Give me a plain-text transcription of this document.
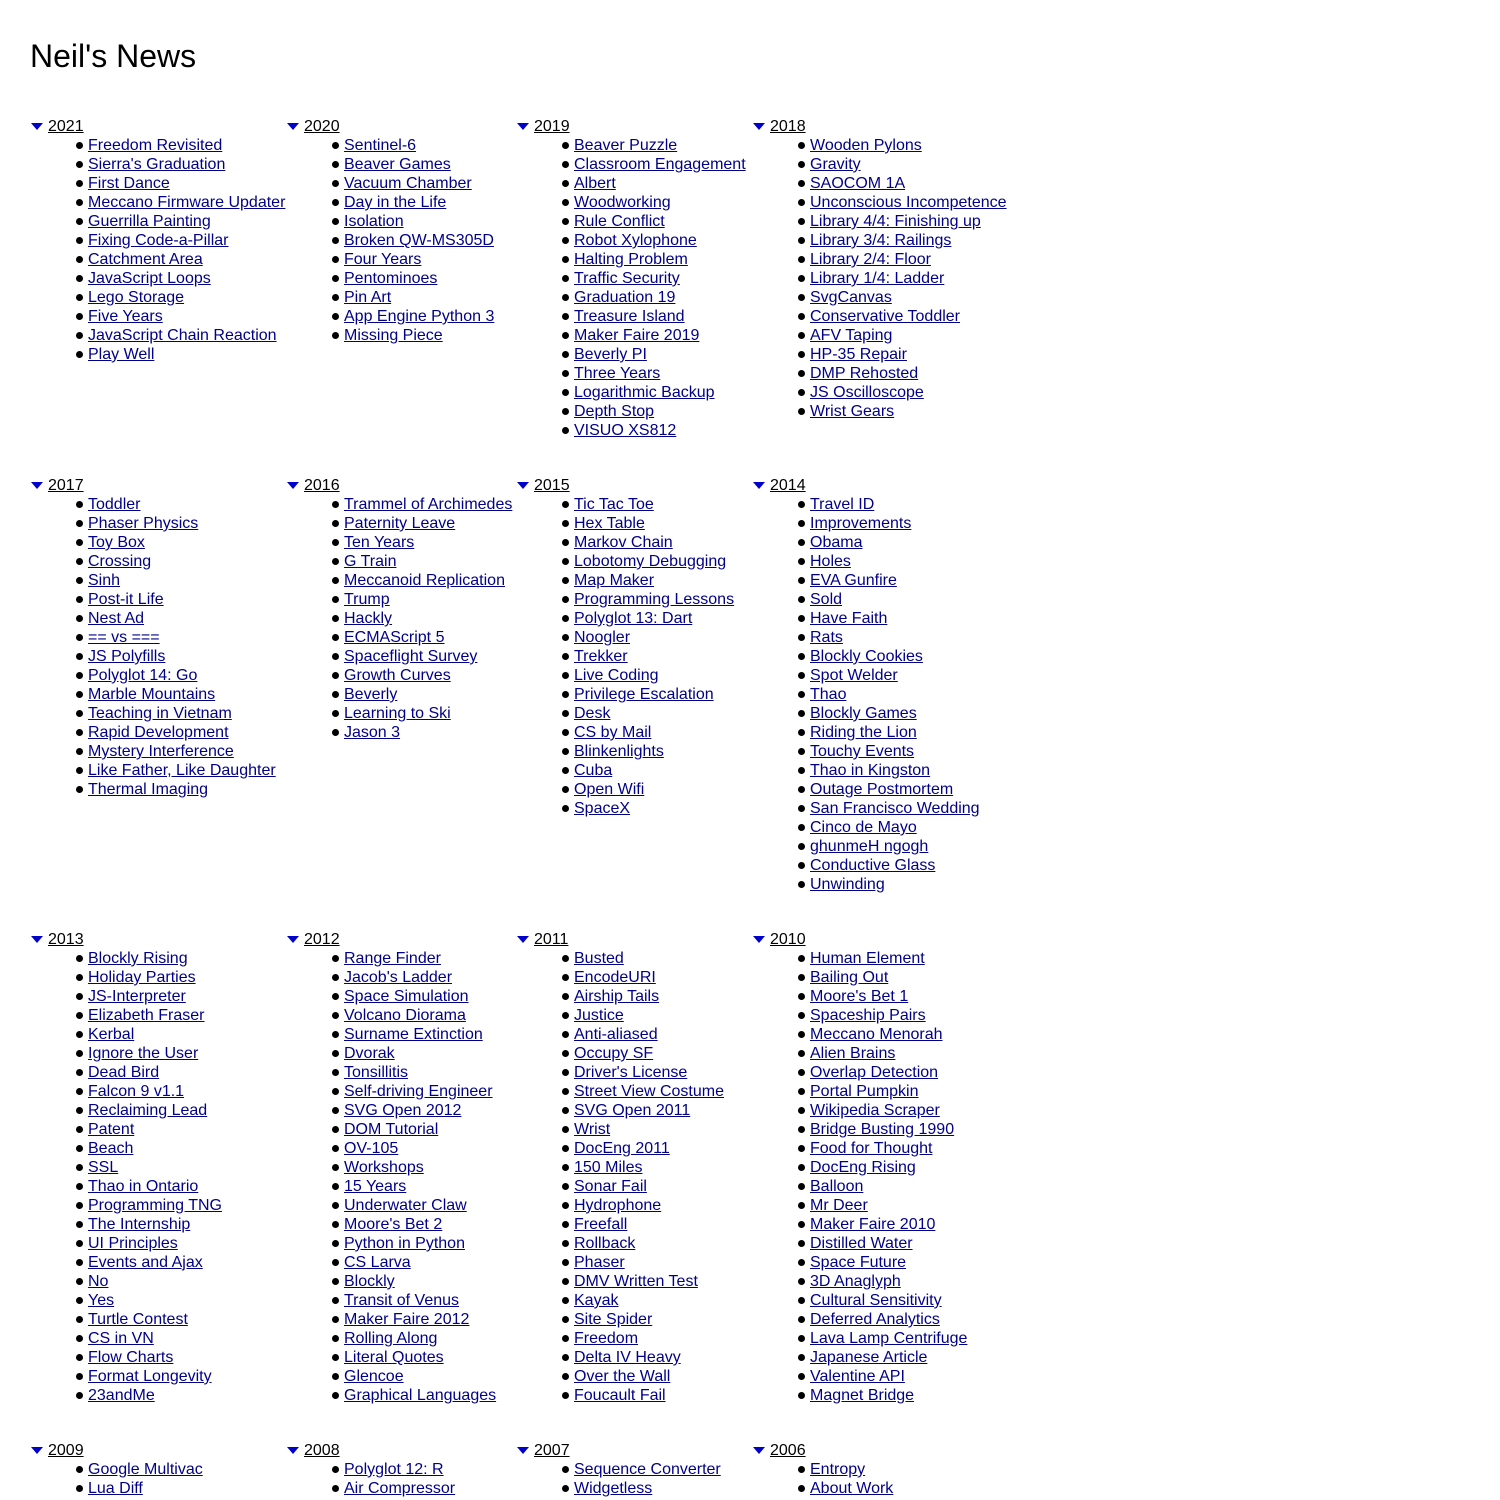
Neil's News
2021
Freedom Revisited
Sierra's Graduation
First Dance
Meccano Firmware Updater
Guerrilla Painting
Fixing Code-a-Pillar
Catchment Area
JavaScript Loops
Lego Storage
Five Years
JavaScript Chain Reaction
Play Well
2020
Sentinel-6
Beaver Games
Vacuum Chamber
Day in the Life
Isolation
Broken QW-MS305D
Four Years
Pentominoes
Pin Art
App Engine Python 3
Missing Piece
2019
Beaver Puzzle
Classroom Engagement
Albert
Woodworking
Rule Conflict
Robot Xylophone
Halting Problem
Traffic Security
Graduation 19
Treasure Island
Maker Faire 2019
Beverly PI
Three Years
Logarithmic Backup
Depth Stop
VISUO XS812
2018
Wooden Pylons
Gravity
SAOCOM 1A
Unconscious Incompetence
Library 4/4: Finishing up
Library 3/4: Railings
Library 2/4: Floor
Library 1/4: Ladder
SvgCanvas
Conservative Toddler
AFV Taping
HP-35 Repair
DMP Rehosted
JS Oscilloscope
Wrist Gears
2017
Toddler
Phaser Physics
Toy Box
Crossing
Sinh
Post-it Life
Nest Ad
== vs ===
JS Polyfills
Polyglot 14: Go
Marble Mountains
Teaching in Vietnam
Rapid Development
Mystery Interference
Like Father, Like Daughter
Thermal Imaging
2016
Trammel of Archimedes
Paternity Leave
Ten Years
G Train
Meccanoid Replication
Trump
Hackly
ECMAScript 5
Spaceflight Survey
Growth Curves
Beverly
Learning to Ski
Jason 3
2015
Tic Tac Toe
Hex Table
Markov Chain
Lobotomy Debugging
Map Maker
Programming Lessons
Polyglot 13: Dart
Noogler
Trekker
Live Coding
Privilege Escalation
Desk
CS by Mail
Blinkenlights
Cuba
Open Wifi
SpaceX
2014
Travel ID
Improvements
Obama
Holes
EVA Gunfire
Sold
Have Faith
Rats
Blockly Cookies
Spot Welder
Thao
Blockly Games
Riding the Lion
Touchy Events
Thao in Kingston
Outage Postmortem
San Francisco Wedding
Cinco de Mayo
ghunmeH ngogh
Conductive Glass
Unwinding
2013
Blockly Rising
Holiday Parties
JS-Interpreter
Elizabeth Fraser
Kerbal
Ignore the User
Dead Bird
Falcon 9 v1.1
Reclaiming Lead
Patent
Beach
SSL
Thao in Ontario
Programming TNG
The Internship
UI Principles
Events and Ajax
No
Yes
Turtle Contest
CS in VN
Flow Charts
Format Longevity
23andMe
2012
Range Finder
Jacob's Ladder
Space Simulation
Volcano Diorama
Surname Extinction
Dvorak
Tonsillitis
Self-driving Engineer
SVG Open 2012
DOM Tutorial
OV-105
Workshops
15 Years
Underwater Claw
Moore's Bet 2
Python in Python
CS Larva
Blockly
Transit of Venus
Maker Faire 2012
Rolling Along
Literal Quotes
Glencoe
Graphical Languages
2011
Busted
EncodeURI
Airship Tails
Justice
Anti-aliased
Occupy SF
Driver's License
Street View Costume
SVG Open 2011
Wrist
DocEng 2011
150 Miles
Sonar Fail
Hydrophone
Freefall
Rollback
Phaser
DMV Written Test
Kayak
Site Spider
Freedom
Delta IV Heavy
Over the Wall
Foucault Fail
2010
Human Element
Bailing Out
Moore's Bet 1
Spaceship Pairs
Meccano Menorah
Alien Brains
Overlap Detection
Portal Pumpkin
Wikipedia Scraper
Bridge Busting 1990
Food for Thought
DocEng Rising
Balloon
Mr Deer
Maker Faire 2010
Distilled Water
Space Future
3D Anaglyph
Cultural Sensitivity
Deferred Analytics
Lava Lamp Centrifuge
Japanese Article
Valentine API
Magnet Bridge
2009
Google Multivac
Lua Diff
2008
Polyglot 12: R
Air Compressor
2007
Sequence Converter
Widgetless
2006
Entropy
About Work
